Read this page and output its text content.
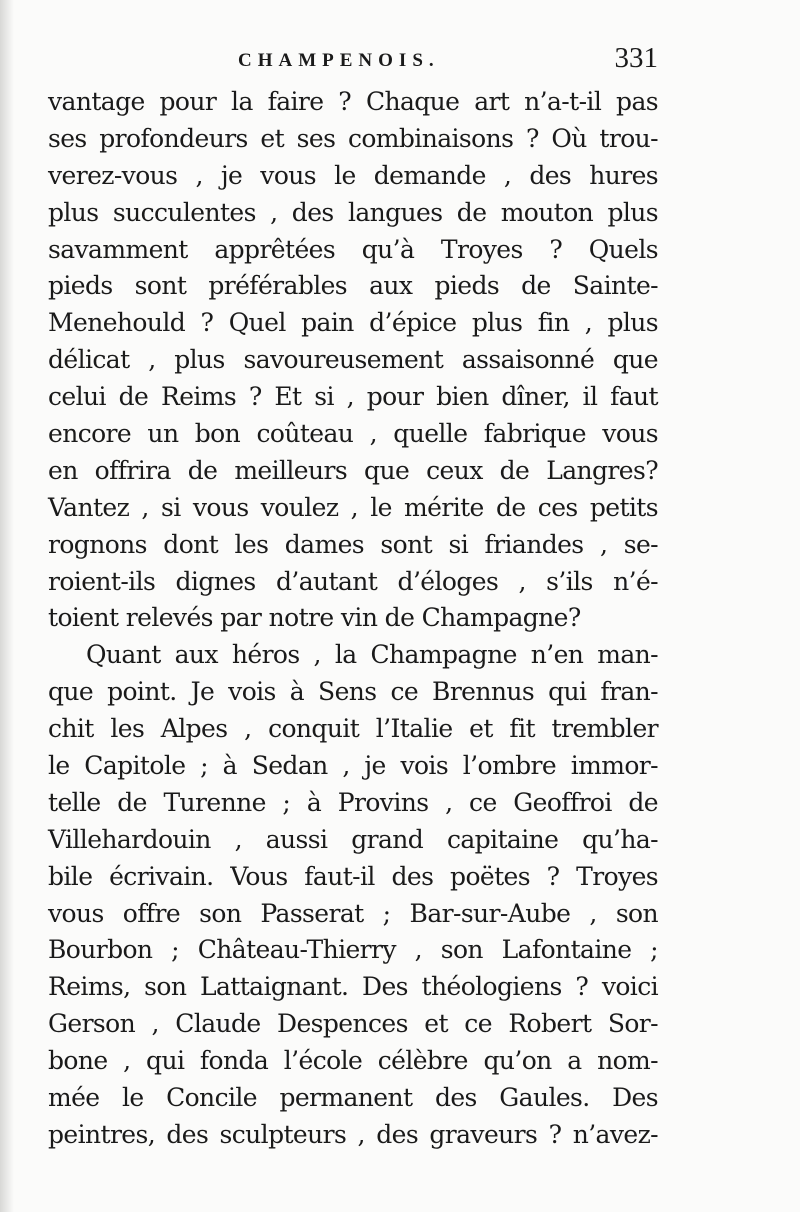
CHAMPENOIS.	331
vantage pour la faire ? Chaque art n’a-t-il pas
ses profondeurs et ses combinaisons ? Où trou-
verez-vous , je vous le demande , des hures
plus succulentes , des langues de mouton plus
savamment apprêtées qu’à Troyes ? Quels
pieds sont préférables aux pieds de Sainte-
Menehould ? Quel pain d’épice plus fin , plus
délicat , plus savoureusement assaisonné que
celui de Reims ? Et si , pour bien dîner, il faut
encore un bon coûteau , quelle fabrique vous
en offrira de meilleurs que ceux de Langres?
Vantez , si vous voulez , le mérite de ces petits
rognons dont les dames sont si friandes , se-
roient-ils dignes d’autant d’éloges , s’ils n’é-
toient relevés par notre vin de Champagne?
Quant aux héros , la Champagne n’en man-
que point. Je vois à Sens ce Brennus qui fran-
chit les Alpes , conquit l’Italie et fit trembler
le Capitole ; à Sedan , je vois l’ombre immor-
telle de Turenne ; à Provins , ce Geoffroi de
Villehardouin , aussi grand capitaine qu’ha-
bile écrivain. Vous faut-il des poëtes ? Troyes
vous offre son Passerat ; Bar-sur-Aube , son
Bourbon ; Château-Thierry , son Lafontaine ;
Reims, son Lattaignant. Des théologiens ? voici
Gerson , Claude Despences et ce Robert Sor-
bone , qui fonda l’école célèbre qu’on a nom-
mée le Concile permanent des Gaules. Des
peintres, des sculpteurs , des graveurs ? n’avez-
